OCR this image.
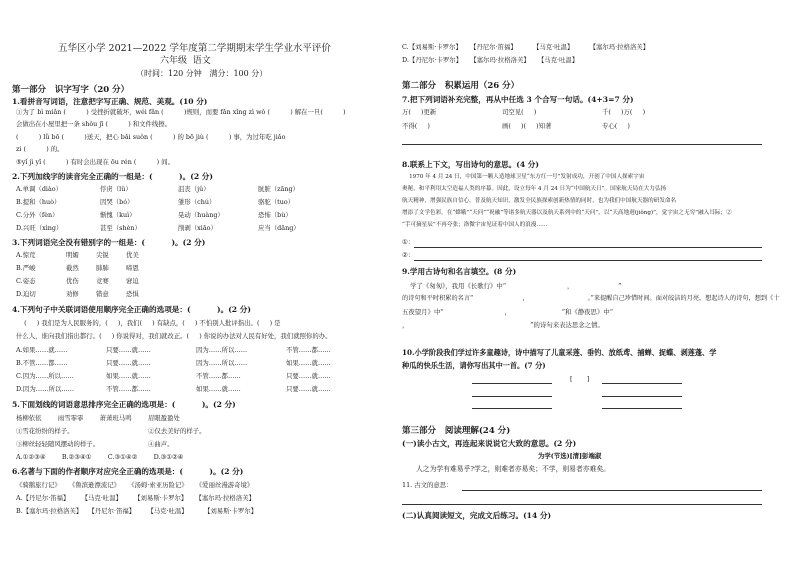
五华区小学 2021—2022 学年度第二学期期末学生学业水平评价
六年级  语文
（时间：120 分钟   满分：100 分）
第一部分   识字写字（20 分）
1.看拼音写词语，注意把字写正确、规范、美观。(10 分)
①为了 bì miǎn (          ) 受挫折就破坏，wéi fǎn (          )规则，而要 fǎn xǐng zì wǒ (          ) 解在一旦(          )
会做出在小屋里把一条 shǒu jī (          ) 和文件线擦。
(          ) lǜ bō (          )送天，把心 bǎi suǒn (          ) 的 bō jiù (          ) 事，为过年吃 jiǎo
zi (          ) 的。
⑤yǐ jì yǐ (          ) 有时会出现在 ōu rén (          ) 间。
2.下列加线字的读音完全正确的一组是：(          )。(2 分)
A.单调（diào）	俘虏（lǔ）	沮丧（jǔ）	肮脏（zāng）
B.提和（huò）	因哭（bó）	雏形（chú）	骆驼（tuo）
C.分外（fèn）	惭愧（kuì）	晃动（huàng）	恐怖（bù）
D.兴旺（xìng）	甚至（shèn）	削剥（xiāo）	应当（dāng）
3.下列词语完全没有错别字的一组是：(          )。(2 分)
A.惊荒	明媚	尖锐	优美
B.严峻	截然	肺肺	啼恩
C.姿态	优伤	竞赛	窘迫
D.迫切	劝修	错意	恐惧
4.下列句子中关联词语使用顺序完全正确的选项是：(          )。(2 分)
(     ) 我们是为人民服务的，(     )，我们(     ) 有缺点，(     ) 不怕别人批评指出。(     ) 是
什么人，谁向我们指出都行。(     ) 你说得对，我们就改正。(     ) 你说的办法对人民有好处，我们就照你的办。
A.如果……就……	只要……就……	因为……所以……	不管……都……
B.不管……都……	只要……就……	因为……所以……	如果……就……
C.因为……所以……	如果……就……	不管……都……	只要……就……
D.因为……所以……	不管……都……	如果……就……	只要……就……
5.下面划线的词语意思排序完全正确的选项是：(          )。(2 分)
杨柳依依        雨雪霏霏        萧萧班马鸣        眉眼盈盈处
①雪花纷纷的样子。	②仅去美好的样子。
③柳丝轻轻随风摆动的样子。	④曲声。
A.①②③④        B.②③④①        C.③①④②        D.③①②④
6.名著与下面的作者顺序对应完全正确的选项是：(          )。(2 分)
《骑鹅旅行记》    《鲁滨逊漂流记》    《汤姆·索亚历险记》    《爱丽丝漫游奇境》
A.【丹尼尔·笛福】      【马克·吐温】      【刘易斯·卡罗尔】    【塞尔玛·拉格洛芙】
B.【塞尔玛·拉格洛芙】   【丹尼尔·笛福】      【马克·吐温】        【刘易斯·卡罗尔】
C.【刘易斯·卡罗尔】    【丹尼尔·笛福】        【马克·吐温】        【塞尔玛·拉格洛芙】
D.【丹尼尔·卡罗尔】    【塞尔玛·拉格洛芙】    【马克·吐温】
第二部分   积累运用（26 分）
7.把下列词语补充完整，再从中任选 3 个合写一句话。(4+3=7 分)
万(     )更新	司空见(     )	千(     )万(     )
不得(     )	画(     )(     )知著	专心(     )
8.联系上下文，写出诗句的意思。(4 分)
1970 年 4 月 24 日，中国第一颗人造地球卫星“东方红一号”发射成功，开创了中国人探索宇宙
奥秘，和平利用太空造福人类的序幕。因此，设立每年 4 月 24 日为“中国航天日”。国家航天局在大力弘扬
航天精神，增强民族自信心，普及航天知识，激发全民族探索创新热情的同时，也为我们中国航天器的研发命名
增添了文学色彩。在“嫦娥”“天问”“祝融”等诸多航天器以及航天系列中的“天问”，以“天高地迥(jiǒng)”，觉宇宙之无穷”融入耳际；②
“手可摘星辰”不再夸张；洛微宇宙见证着中国人的浪漫……
①：
②：
9.学用古诗句和名言填空。(8 分)
学了《匆匆》，我用《长歌行》中“                              ，                      ”
的诗句和平时积累的名言“                         ，                              。”来提醒自己珍惜时间。面对皎洁的月亮，想起诗人的诗句，想到《十
五夜望月》中“                              ，                         ”和《静夜思》中“
，                                                            ”的诗句来表达思念之情。
10.小学阶段我们学过许多童趣诗，诗中描写了儿童采莲、垂钓、放纸鸢、捕蝉、捉蝶、剥莲蓬、学
种瓜的快乐生活，请你写出其中一首。(7 分)
[       ]
第三部分   阅读理解(24 分)
(一)读小古文，再连起来说说它大致的意思。(2 分)
为学(节选)[清]彭端淑
人之为学有难易乎?学之，则难者亦易矣；不学，则易者亦难矣。
11. 古文的意思：
(二)认真阅读短文，完成文后练习。(14 分)
